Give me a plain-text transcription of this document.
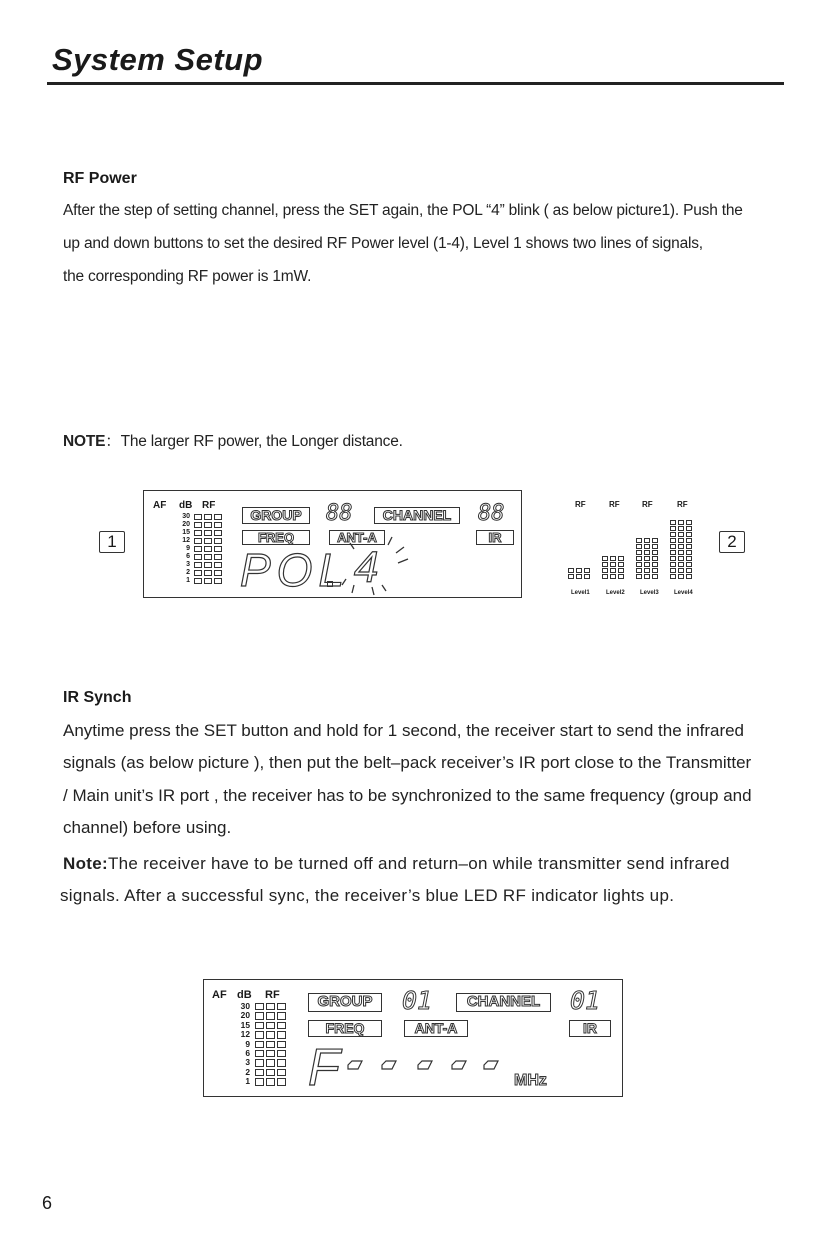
System Setup
RF Power
After the step of setting channel, press the SET again, the POL “4” blink ( as below picture1). Push the
up and down buttons to set the desired RF Power level (1-4), Level 1 shows two lines of signals,
the corresponding RF power is 1mW.
NOTE：The larger RF power, the Longer distance.
1
AF dB RF
30
20
15
12
9
6
3
2
1
GROUP	88	CHANNEL	88
FREQ	ANT-A	IR
POL 4
RF	RF	RF	RF
Level1	Level2	Level3	Level4
2
IR Synch
Anytime press the SET button and hold for 1 second, the receiver start to send the infrared
signals (as below picture ), then put the belt–pack receiver’s IR port close to the Transmitter
/ Main unit’s IR port , the receiver has to be synchronized to the same frequency (group and
channel) before using.
Note:The receiver have to be turned off and return–on while transmitter send infrared
signals. After a successful sync, the receiver’s blue LED RF indicator lights up.
AF dB RF
30
20
15
12
9
6
3
2
1
GROUP	01	CHANNEL	01
FREQ	ANT-A	IR
F	MHz
6
